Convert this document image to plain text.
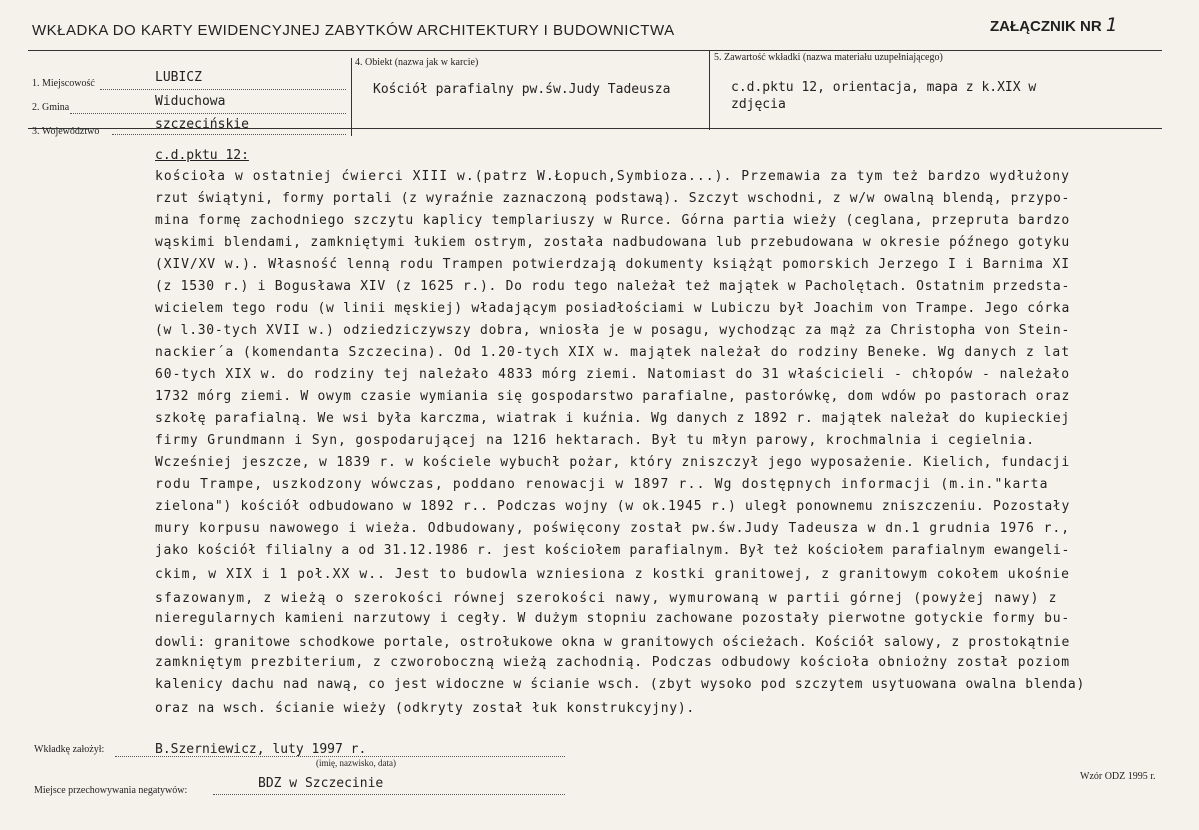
WKŁADKA DO KARTY EWIDENCYJNEJ ZABYTKÓW ARCHITEKTURY I BUDOWNICTWA	ZAŁĄCZNIK NR 1
1. Miejscowość	LUBICZ
2. Gmina	Widuchowa
3. Województwo	szczecińskie
4. Obiekt (nazwa jak w karcie)
Kościół parafialny pw.św.Judy Tadeusza
5. Zawartość wkładki (nazwa materiału uzupełniającego)
c.d.pktu 12, orientacja, mapa z k.XIX w
zdjęcia
c.d.pktu 12:
kościoła w ostatniej ćwierci XIII w.(patrz W.Łopuch,Symbioza...). Przemawia za tym też bardzo wydłużony
rzut świątyni, formy portali (z wyraźnie zaznaczoną podstawą). Szczyt wschodni, z w/w owalną blendą, przypo-
mina formę zachodniego szczytu kaplicy templariuszy w Rurce. Górna partia wieży (ceglana, przepruta bardzo
wąskimi blendami, zamkniętymi łukiem ostrym, została nadbudowana lub przebudowana w okresie późnego gotyku
(XIV/XV w.). Własność lenną rodu Trampen potwierdzają dokumenty książąt pomorskich Jerzego I i Barnima XI
(z 1530 r.) i Bogusława XIV (z 1625 r.). Do rodu tego należał też majątek w Pacholętach. Ostatnim przedsta-
wicielem tego rodu (w linii męskiej) władającym posiadłościami w Lubiczu był Joachim von Trampe. Jego córka
(w l.30-tych XVII w.) odziedziczywszy dobra, wniosła je w posagu, wychodząc za mąż za Christopha von Stein-
nackier´a (komendanta Szczecina). Od 1.20-tych XIX w. majątek należał do rodziny Beneke. Wg danych z lat
60-tych XIX w. do rodziny tej należało 4833 mórg ziemi. Natomiast do 31 właścicieli - chłopów - należało
1732 mórg ziemi. W owym czasie wymiania się gospodarstwo parafialne, pastorówkę, dom wdów po pastorach oraz
szkołę parafialną. We wsi była karczma, wiatrak i kuźnia. Wg danych z 1892 r. majątek należał do kupieckiej
firmy Grundmann i Syn, gospodarującej na 1216 hektarach. Był tu młyn parowy, krochmalnia i cegielnia.
Wcześniej jeszcze, w 1839 r. w kościele wybuchł pożar, który zniszczył jego wyposażenie. Kielich, fundacji
rodu Trampe, uszkodzony wówczas, poddano renowacji w 1897 r.. Wg dostępnych informacji (m.in."karta
zielona") kościół odbudowano w 1892 r.. Podczas wojny (w ok.1945 r.) uległ ponownemu zniszczeniu. Pozostały
mury korpusu nawowego i wieża. Odbudowany, poświęcony został pw.św.Judy Tadeusza w dn.1 grudnia 1976 r.,
jako kościół filialny a od 31.12.1986 r. jest kościołem parafialnym. Był też kościołem parafialnym ewangeli-
ckim, w XIX i 1 poł.XX w.. Jest to budowla wzniesiona z kostki granitowej, z granitowym cokołem ukośnie
sfazowanym, z wieżą o szerokości równej szerokości nawy, wymurowaną w partii górnej (powyżej nawy) z
nieregularnych kamieni narzutowy i cegły. W dużym stopniu zachowane pozostały pierwotne gotyckie formy bu-
dowli: granitowe schodkowe portale, ostrołukowe okna w granitowych ościeżach. Kościół salowy, z prostokątnie
zamkniętym prezbiterium, z czworoboczną wieżą zachodnią. Podczas odbudowy kościoła obniożny został poziom
kalenicy dachu nad nawą, co jest widoczne w ścianie wsch. (zbyt wysoko pod szczytem usytuowana owalna blenda)
oraz na wsch. ścianie wieży (odkryty został łuk konstrukcyjny).
Wkładkę założył:	B.Szerniewicz, luty 1997 r.
(imię, nazwisko, data)
Miejsce przechowywania negatywów:	BDZ w Szczecinie	Wzór ODZ 1995 r.
